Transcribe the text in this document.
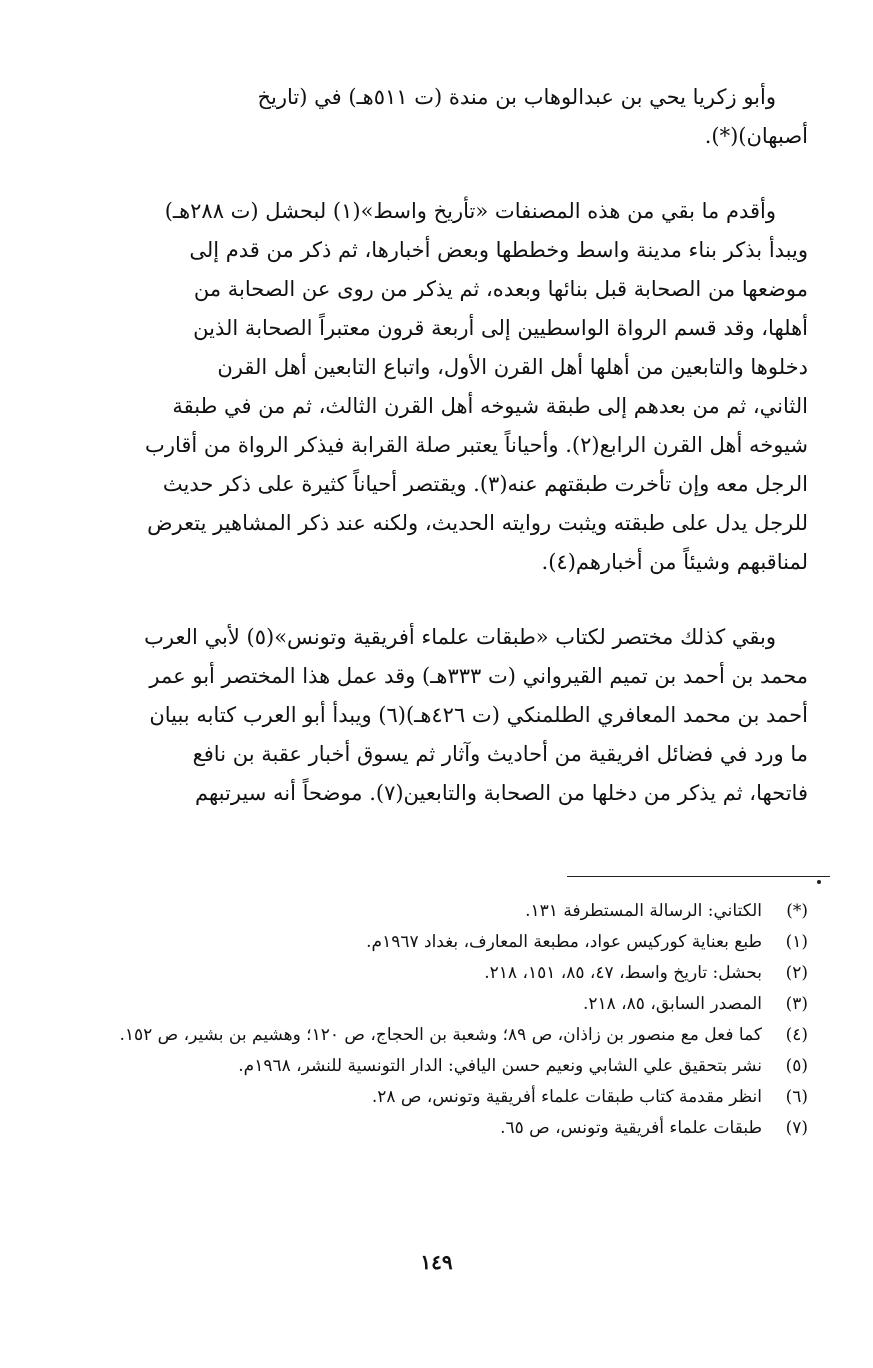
وأبو زكريا يحي بن عبدالوهاب بن مندة (ت ٥١١هـ) في (تاريخ

أصبهان)(*).

وأقدم ما بقي من هذه المصنفات «تأريخ واسط»(١) لبحشل (ت ٢٨٨هـ)

ويبدأ بذكر بناء مدينة واسط وخططها وبعض أخبارها، ثم ذكر من قدم إلى

موضعها من الصحابة قبل بنائها وبعده، ثم يذكر من روى عن الصحابة من

أهلها، وقد قسم الرواة الواسطيين إلى أربعة قرون معتبراً الصحابة الذين

دخلوها والتابعين من أهلها أهل القرن الأول، واتباع التابعين أهل القرن

الثاني، ثم من بعدهم إلى طبقة شيوخه أهل القرن الثالث، ثم من في طبقة

شيوخه أهل القرن الرابع(٢). وأحياناً يعتبر صلة القرابة فيذكر الرواة من أقارب

الرجل معه وإن تأخرت طبقتهم عنه(٣). ويقتصر أحياناً كثيرة على ذكر حديث

للرجل يدل على طبقته ويثبت روايته الحديث، ولكنه عند ذكر المشاهير يتعرض

لمناقبهم وشيئاً من أخبارهم(٤).

وبقي كذلك مختصر لكتاب «طبقات علماء أفريقية وتونس»(٥) لأبي العرب

محمد بن أحمد بن تميم القيرواني (ت ٣٣٣هـ) وقد عمل هذا المختصر أبو عمر

أحمد بن محمد المعافري الطلمنكي (ت ٤٢٦هـ)(٦) ويبدأ أبو العرب كتابه ببيان

ما ورد في فضائل افريقية من أحاديث وآثار ثم يسوق أخبار عقبة بن نافع

فاتحها، ثم يذكر من دخلها من الصحابة والتابعين(٧). موضحاً أنه سيرتبهم

(*)
الكتاني: الرسالة المستطرفة ١٣١.
(١)
طبع بعناية كوركيس عواد، مطبعة المعارف، بغداد ١٩٦٧م.
(٢)
بحشل: تاريخ واسط، ٤٧، ٨٥، ١٥١، ٢١٨.
(٣)
المصدر السابق، ٨٥، ٢١٨.
(٤)
كما فعل مع منصور بن زاذان، ص ٨٩؛ وشعبة بن الحجاج، ص ١٢٠؛ وهشيم بن بشير، ص ١٥٢.
(٥)
نشر بتحقيق علي الشابي ونعيم حسن اليافي: الدار التونسية للنشر، ١٩٦٨م.
(٦)
انظر مقدمة كتاب طبقات علماء أفريقية وتونس، ص ٢٨.
(٧)
طبقات علماء أفريقية وتونس، ص ٦٥.
١٤٩
